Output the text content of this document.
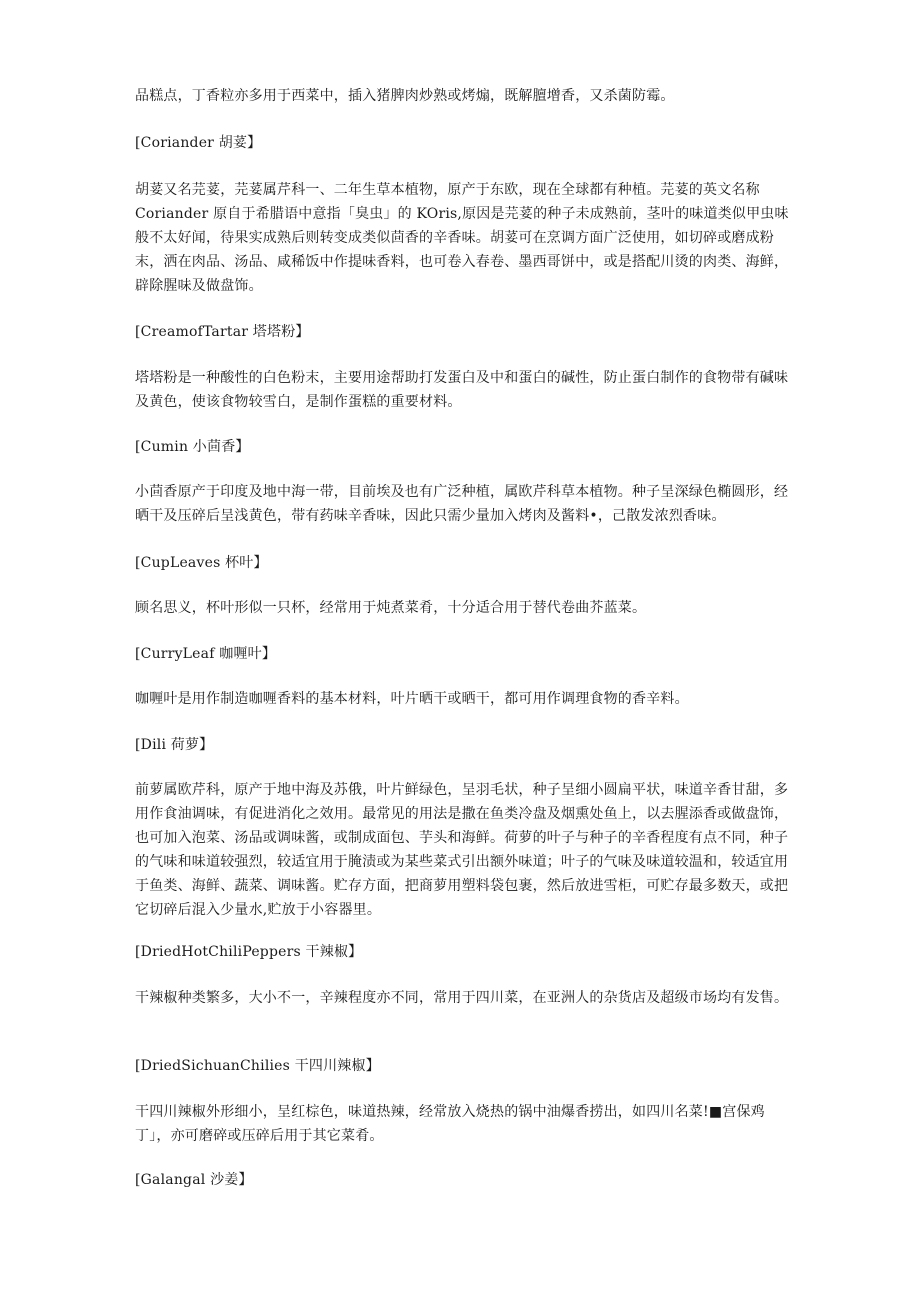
品糕点，丁香粒亦多用于西菜中，插入猪脾肉炒熟或烤煽，既解膻增香，又杀菌防霉。

[Coriander 胡荽】

胡荽又名芫荽，芫荽属芹科一、二年生草本植物，原产于东欧，现在全球都有种植。芫荽的英文名称 Coriander 原自于希腊语中意指「臭虫」的 KOris,原因是芫荽的种子未成熟前，茎叶的味道类似甲虫味般不太好闻，待果实成熟后则转变成类似茴香的辛香味。胡荽可在烹调方面广泛使用，如切碎或磨成粉末，洒在肉品、汤品、咸稀饭中作提味香料，也可卷入春卷、墨西哥饼中，或是搭配川烫的肉类、海鲜，辟除腥味及做盘饰。

[CreamofTartar 塔塔粉】

塔塔粉是一种酸性的白色粉末，主要用途帮助打发蛋白及中和蛋白的碱性，防止蛋白制作的食物带有碱味及黄色，使该食物较雪白，是制作蛋糕的重要材料。

[Cumin 小茴香】

小茴香原产于印度及地中海一带，目前埃及也有广泛种植，属欧芹科草本植物。种子呈深绿色椭圆形，经晒干及压碎后呈浅黄色，带有药味辛香味，因此只需少量加入烤肉及酱料•，己散发浓烈香味。

[CupLeaves 杯叶】

顾名思义，杯叶形似一只杯，经常用于炖煮菜肴，十分适合用于替代卷曲芥蓝菜。

[CurryLeaf 咖喱叶】

咖喱叶是用作制造咖喱香料的基本材料，叶片晒干或晒干，都可用作调理食物的香辛料。

[Dili 荷萝】

前萝属欧芹科，原产于地中海及苏俄，叶片鲜绿色，呈羽毛状，种子呈细小圆扁平状，味道辛香甘甜，多用作食油调味，有促进消化之效用。最常见的用法是撒在鱼类冷盘及烟熏处鱼上，以去腥添香或做盘饰，也可加入泡菜、汤品或调味酱，或制成面包、芋头和海鲜。荷萝的叶子与种子的辛香程度有点不同，种子的气味和味道较强烈，较适宜用于腌渍或为某些菜式引出额外味道；叶子的气味及味道较温和，较适宜用于鱼类、海鲜、蔬菜、调味酱。贮存方面，把商萝用塑料袋包裹，然后放进雪柜，可贮存最多数天，或把它切碎后混入少量水,贮放于小容器里。

[DriedHotChiliPeppers 干辣椒】

干辣椒种类繁多，大小不一，辛辣程度亦不同，常用于四川菜，在亚洲人的杂货店及超级市场均有发售。

[DriedSichuanChilies 干四川辣椒】

干四川辣椒外形细小，呈红棕色，味道热辣，经常放入烧热的锅中油爆香捞出，如四川名菜!■宫保鸡丁」，亦可磨碎或压碎后用于其它菜肴。

[Galangal 沙姜】
